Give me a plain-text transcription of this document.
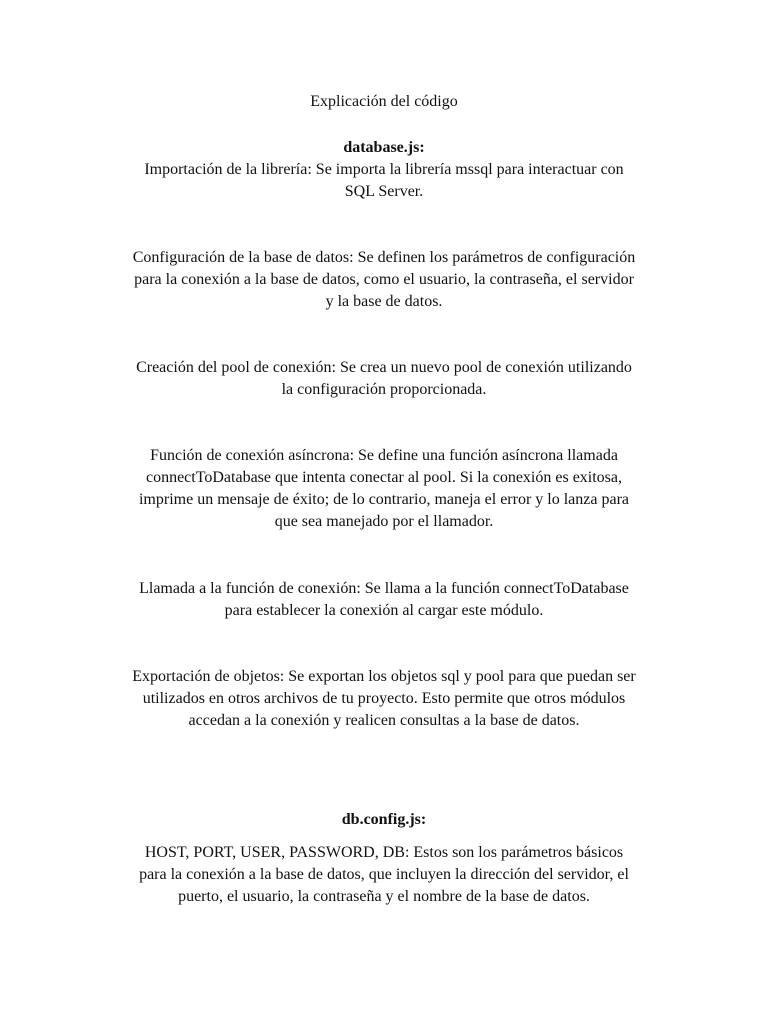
Explicación del código
database.js:
Importación de la librería: Se importa la librería mssql para interactuar con
SQL Server.
Configuración de la base de datos: Se definen los parámetros de configuración
para la conexión a la base de datos, como el usuario, la contraseña, el servidor
y la base de datos.
Creación del pool de conexión: Se crea un nuevo pool de conexión utilizando
la configuración proporcionada.
Función de conexión asíncrona: Se define una función asíncrona llamada
connectToDatabase que intenta conectar al pool. Si la conexión es exitosa,
imprime un mensaje de éxito; de lo contrario, maneja el error y lo lanza para
que sea manejado por el llamador.
Llamada a la función de conexión: Se llama a la función connectToDatabase
para establecer la conexión al cargar este módulo.
Exportación de objetos: Se exportan los objetos sql y pool para que puedan ser
utilizados en otros archivos de tu proyecto. Esto permite que otros módulos
accedan a la conexión y realicen consultas a la base de datos.
db.config.js:
HOST, PORT, USER, PASSWORD, DB: Estos son los parámetros básicos
para la conexión a la base de datos, que incluyen la dirección del servidor, el
puerto, el usuario, la contraseña y el nombre de la base de datos.
